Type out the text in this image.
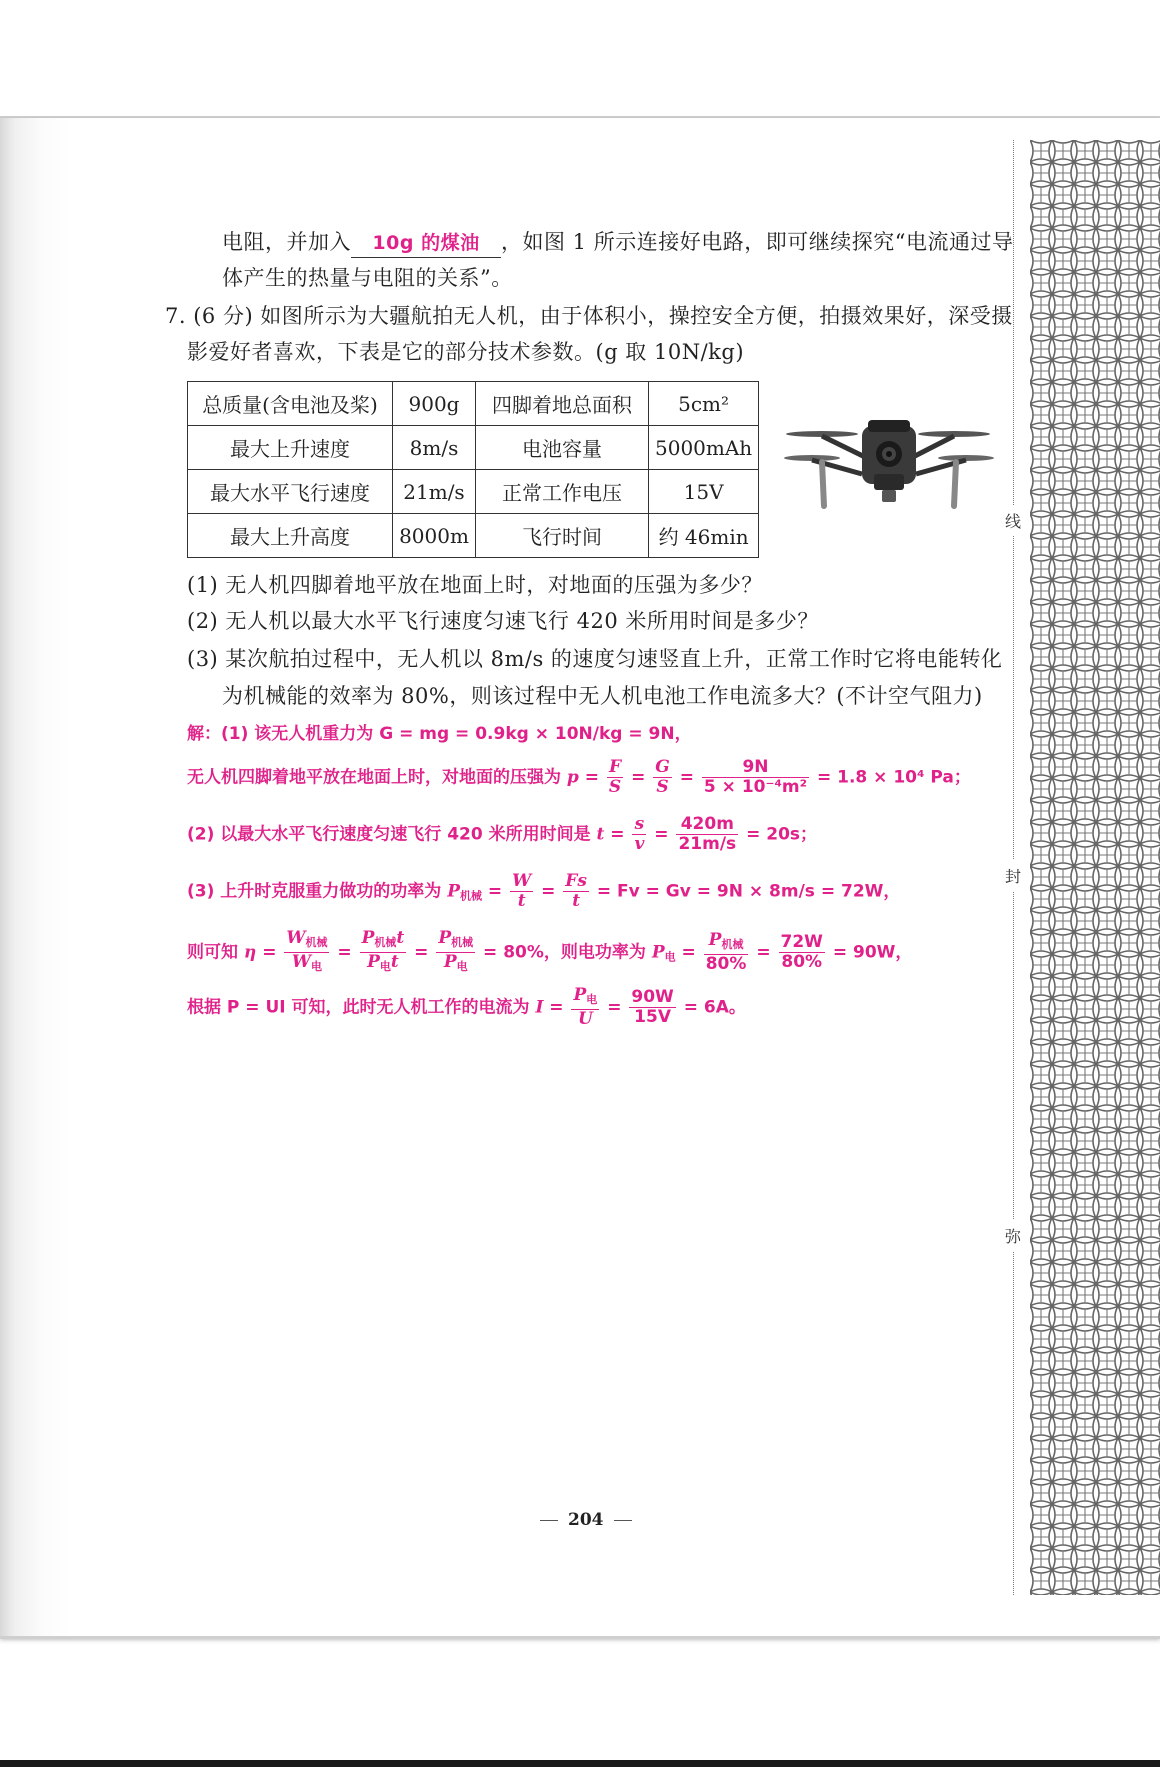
线
封
弥
电阻，并加入 10g 的煤油 ，如图 1 所示连接好电路，即可继续探究“电流通过导
体产生的热量与电阻的关系”。
7. (6 分) 如图所示为大疆航拍无人机，由于体积小，操控安全方便，拍摄效果好，深受摄
影爱好者喜欢，下表是它的部分技术参数。(g 取 10N/kg)
总质量(含电池及桨)	900g	四脚着地总面积	5cm²
最大上升速度	8m/s	电池容量	5000mAh
最大水平飞行速度	21m/s	正常工作电压	15V
最大上升高度	8000m	飞行时间	约 46min
(1) 无人机四脚着地平放在地面上时，对地面的压强为多少？
(2) 无人机以最大水平飞行速度匀速飞行 420 米所用时间是多少？
(3) 某次航拍过程中，无人机以 8m/s 的速度匀速竖直上升，正常工作时它将电能转化
为机械能的效率为 80%，则该过程中无人机电池工作电流多大？(不计空气阻力)
解：(1) 该无人机重力为 G = mg = 0.9kg × 10N/kg = 9N，
无人机四脚着地平放在地面上时，对地面的压强为 $p = \frac{F}{S} = \frac{G}{S} = \frac{9N}{\text{5 × 10⁻⁴m²}} = 1.8 \times 10^4$ Pa；
(2) 以最大水平飞行速度匀速飞行 420 米所用时间是 $t = \frac{s}{v} = \frac{420m}{21m/s} = 20s$；
(3) 上升时克服重力做功的功率为 $P_{机械} = \frac{W}{t} = \frac{Fs}{t} = Fv = Gv = 9N \times 8m/s = 72W$，
则可知 $\eta = \frac{W_{机械}}{W_电} = \frac{P_{机械}t}{P_电t} = \frac{P_{机械}}{P_电} = 80\%$，则电功率为 $P_电 = \frac{P_{机械}}{80\%} = \frac{72W}{80\%} = 90W$，
根据 P = UI 可知，此时无人机工作的电流为 $I = \frac{P_电}{U} = \frac{90W}{15V} = 6A$。
204
